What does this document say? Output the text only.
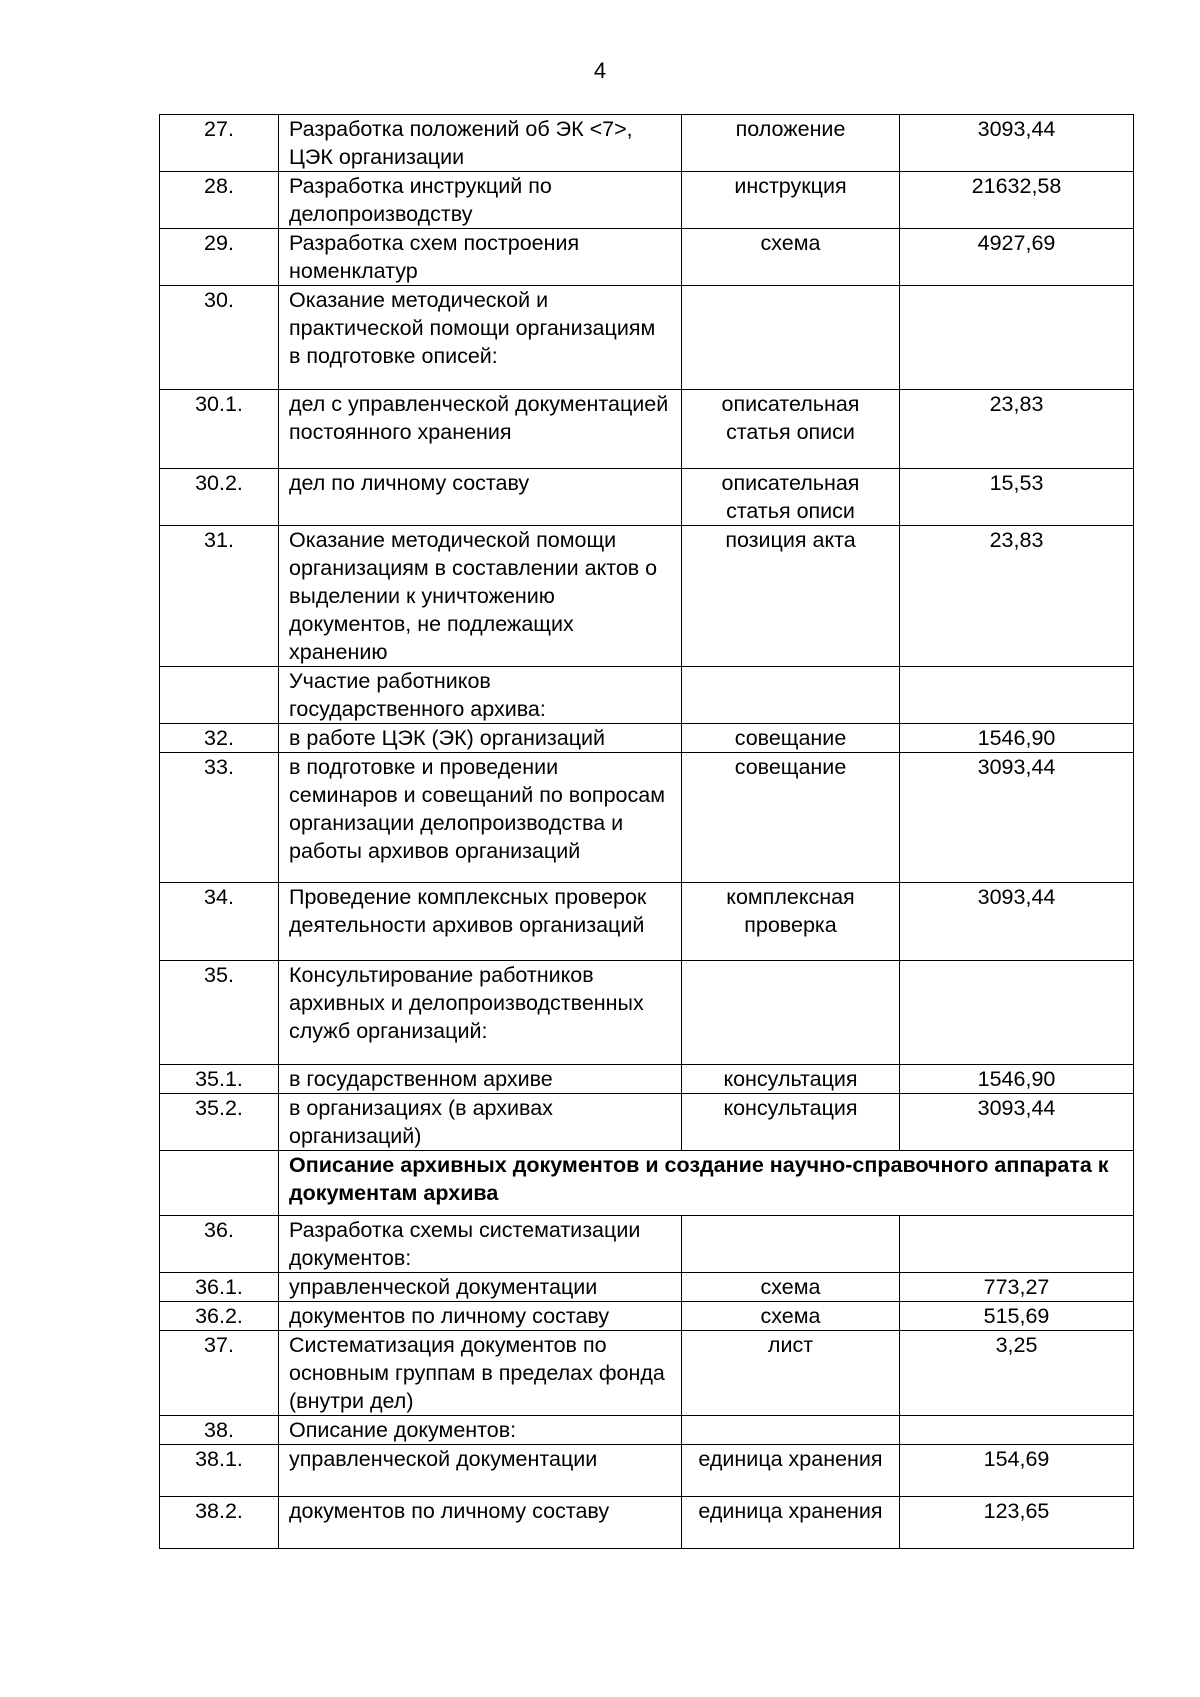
4
27.	Разработка положений об ЭК <7>, ЦЭК организации	положение	3093,44
28.	Разработка инструкций по делопроизводству	инструкция	21632,58
29.	Разработка схем построения номенклатур	схема	4927,69
30.	Оказание методической и практической помощи организациям в подготовке описей:		
30.1.	дел с управленческой документацией постоянного хранения	описательная статья описи	23,83
30.2.	дел по личному составу	описательная статья описи	15,53
31.	Оказание методической помощи организациям в составлении актов о выделении к уничтожению документов, не подлежащих хранению	позиция акта	23,83
	Участие работников государственного архива:		
32.	в работе ЦЭК (ЭК) организаций	совещание	1546,90
33.	в подготовке и проведении семинаров и совещаний по вопросам организации делопроизводства и работы архивов организаций	совещание	3093,44
34.	Проведение комплексных проверок деятельности архивов организаций	комплексная проверка	3093,44
35.	Консультирование работников архивных и делопроизводственных служб организаций:		
35.1.	в государственном архиве	консультация	1546,90
35.2.	в организациях (в архивах организаций)	консультация	3093,44
	Описание архивных документов и создание научно-справочного аппарата к документам архива		
36.	Разработка схемы систематизации документов:		
36.1.	управленческой документации	схема	773,27
36.2.	документов по личному составу	схема	515,69
37.	Систематизация документов по основным группам в пределах фонда (внутри дел)	лист	3,25
38.	Описание документов:		
38.1.	управленческой документации	единица хранения	154,69
38.2.	документов по личному составу	единица хранения	123,65
